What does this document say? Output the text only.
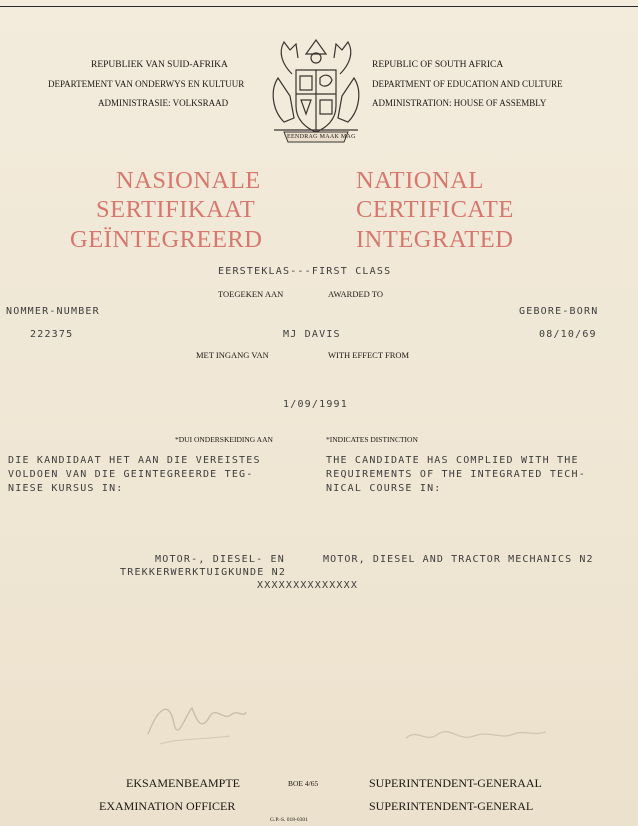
REPUBLIEK VAN SUID-AFRIKA
DEPARTEMENT VAN ONDERWYS EN KULTUUR
ADMINISTRASIE: VOLKSRAAD
EENDRAG MAAK MAG
REPUBLIC OF SOUTH AFRICA
DEPARTMENT OF EDUCATION AND CULTURE
ADMINISTRATION: HOUSE OF ASSEMBLY
NASIONALE
SERTIFIKAAT
GEÏNTEGREERD
NATIONAL
CERTIFICATE
INTEGRATED
EERSTEKLAS---FIRST CLASS
TOEGEKEN AAN	AWARDED TO
NOMMER-NUMBER	GEBORE-BORN
222375	MJ DAVIS	08/10/69
MET INGANG VAN	WITH EFFECT FROM
1/09/1991
*DUI ONDERSKEIDING AAN	*INDICATES DISTINCTION
DIE KANDIDAAT HET AAN DIE VEREISTES
VOLDOEN VAN DIE GEINTEGREERDE TEG-
NIESE KURSUS IN:
THE CANDIDATE HAS COMPLIED WITH THE
REQUIREMENTS OF THE INTEGRATED TECH-
NICAL COURSE IN:
MOTOR-, DIESEL- EN
TREKKERWERKTUIGKUNDE N2
MOTOR, DIESEL AND TRACTOR MECHANICS N2
XXXXXXXXXXXXXX
EKSAMENBEAMPTE
EXAMINATION OFFICER
BOE 4/65	SUPERINTENDENT-GENERAAL
SUPERINTENDENT-GENERAL
G.P.-S. 018-0301
